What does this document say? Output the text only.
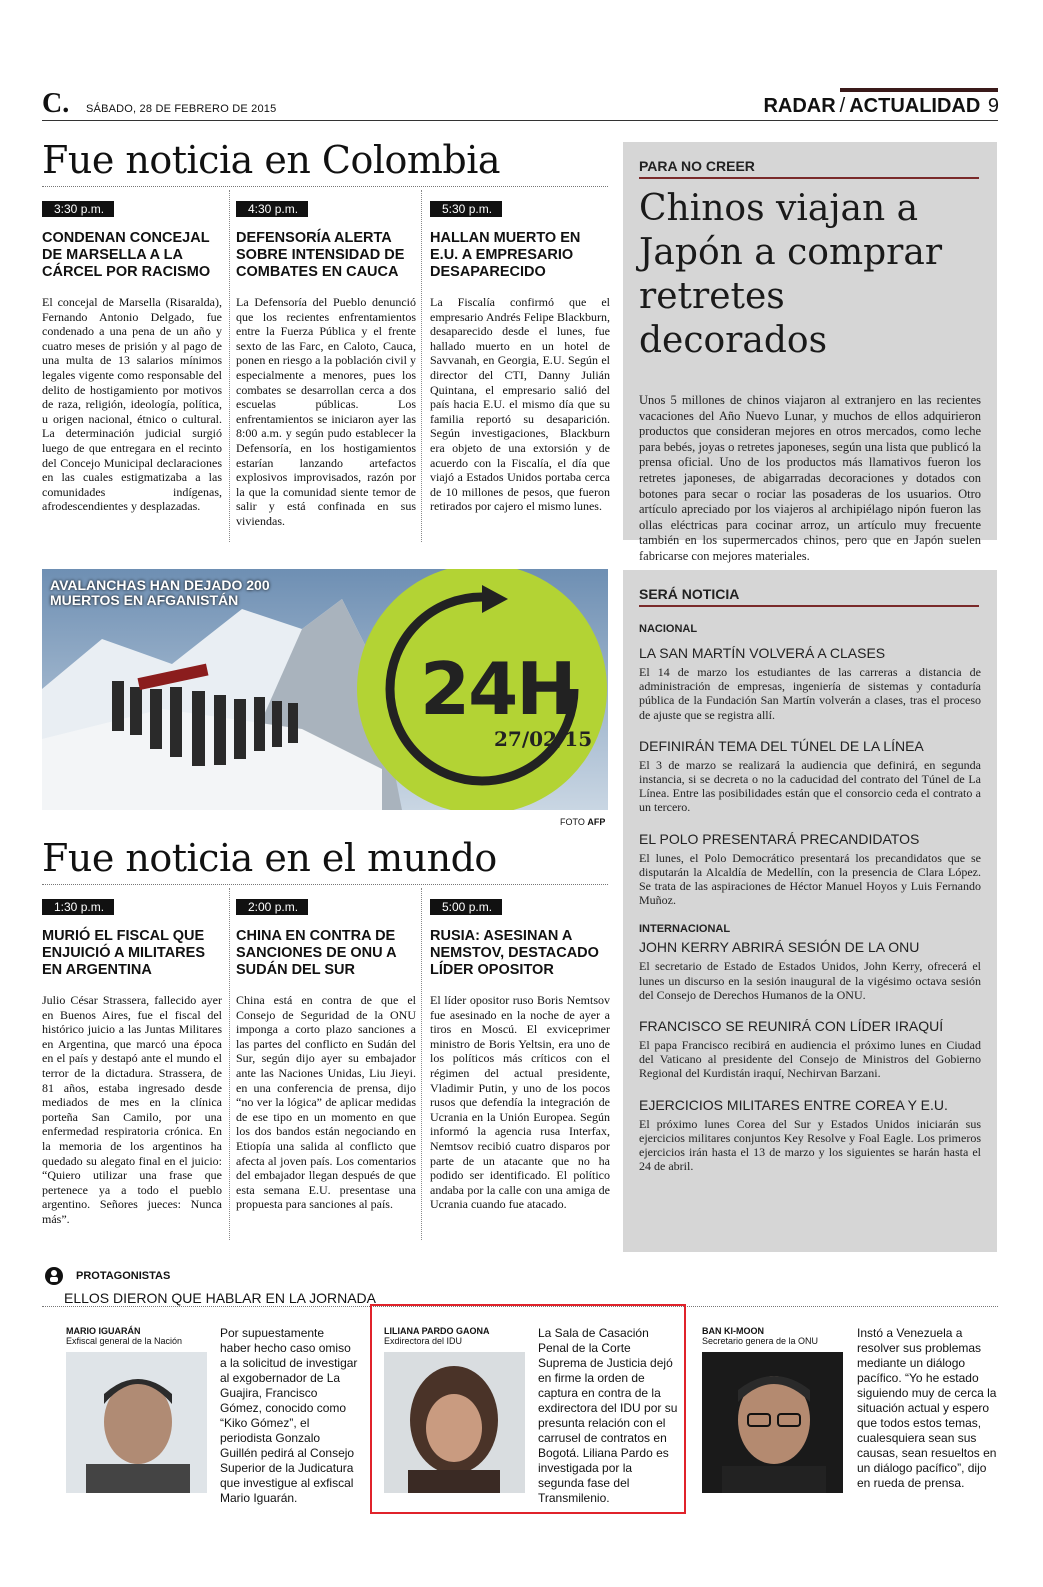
C. SÁBADO, 28 DE FEBRERO DE 2015	RADAR / ACTUALIDAD 9
Fue noticia en Colombia
3:30 p.m.
CONDENAN CONCEJAL DE MARSELLA A LA CÁRCEL POR RACISMO
El concejal de Marsella (Risaralda), Fernando Antonio Delgado, fue condenado a una pena de un año y cuatro meses de prisión y al pago de una multa de 13 salarios mínimos legales vigente como responsable del delito de hostigamiento por motivos de raza, religión, ideología, política, u origen nacional, étnico o cultural. La determinación judicial surgió luego de que entregara en el recinto del Concejo Municipal declaraciones en las cuales estigmatizaba a las comunidades indígenas, afrodescendientes y desplazadas.
4:30 p.m.
DEFENSORÍA ALERTA SOBRE INTENSIDAD DE COMBATES EN CAUCA
La Defensoría del Pueblo denunció que los recientes enfrentamientos entre la Fuerza Pública y el frente sexto de las Farc, en Caloto, Cauca, ponen en riesgo a la población civil y especialmente a menores, pues los combates se desarrollan cerca a dos escuelas públicas. Los enfrentamientos se iniciaron ayer las 8:00 a.m. y según pudo establecer la Defensoría, en los hostigamientos estarían lanzando artefactos explosivos improvisados, razón por la que la comunidad siente temor de salir y está confinada en sus viviendas.
5:30 p.m.
HALLAN MUERTO EN E.U. A EMPRESARIO DESAPARECIDO
La Fiscalía confirmó que el empresario Andrés Felipe Blackburn, desaparecido desde el lunes, fue hallado muerto en un hotel de Savvanah, en Georgia, E.U. Según el director del CTI, Danny Julián Quintana, el empresario salió del país hacia E.U. el mismo día que su familia reportó su desaparición. Según investigaciones, Blackburn era objeto de una extorsión y de acuerdo con la Fiscalía, el día que viajó a Estados Unidos portaba cerca de 10 millones de pesos, que fueron retirados por cajero el mismo lunes.
PARA NO CREER
Chinos viajan a Japón a comprar retretes decorados
Unos 5 millones de chinos viajaron al extranjero en las recientes vacaciones del Año Nuevo Lunar, y muchos de ellos adquirieron productos que consideran mejores en otros mercados, como leche para bebés, joyas o retretes japoneses, según una lista que publicó la prensa oficial. Uno de los productos más llamativos fueron los retretes japoneses, de abigarradas decoraciones y dotados con botones para secar o rociar las posaderas de los usuarios. Otro artículo apreciado por los viajeros al archipiélago nipón fueron las ollas eléctricas para cocinar arroz, un artículo muy frecuente también en los supermercados chinos, pero que en Japón suelen fabricarse con mejores materiales.
24H
27/02/15
AVALANCHAS HAN DEJADO 200 MUERTOS EN AFGANISTÁN
FOTO AFP
SERÁ NOTICIA
NACIONAL
LA SAN MARTÍN VOLVERÁ A CLASES
El 14 de marzo los estudiantes de las carreras a distancia de administración de empresas, ingeniería de sistemas y contaduría pública de la Fundación San Martín volverán a clases, tras el proceso de ajuste que se registra allí.
DEFINIRÁN TEMA DEL TÚNEL DE LA LÍNEA
El 3 de marzo se realizará la audiencia que definirá, en segunda instancia, si se decreta o no la caducidad del contrato del Túnel de La Línea. Entre las posibilidades están que el consorcio ceda el contrato a un tercero.
EL POLO PRESENTARÁ PRECANDIDATOS
El lunes, el Polo Democrático presentará los precandidatos que se disputarán la Alcaldía de Medellín, con la presencia de Clara López. Se trata de las aspiraciones de Héctor Manuel Hoyos y Luis Fernando Muñoz.
INTERNACIONAL
JOHN KERRY ABRIRÁ SESIÓN DE LA ONU
El secretario de Estado de Estados Unidos, John Kerry, ofrecerá el lunes un discurso en la sesión inaugural de la vigésimo octava sesión del Consejo de Derechos Humanos de la ONU.
FRANCISCO SE REUNIRÁ CON LÍDER IRAQUÍ
El papa Francisco recibirá en audiencia el próximo lunes en Ciudad del Vaticano al presidente del Consejo de Ministros del Gobierno Regional del Kurdistán iraquí, Nechirvan Barzani.
EJERCICIOS MILITARES ENTRE COREA Y E.U.
El próximo lunes Corea del Sur y Estados Unidos iniciarán sus ejercicios militares conjuntos Key Resolve y Foal Eagle. Los primeros ejercicios irán hasta el 13 de marzo y los siguientes se harán hasta el 24 de abril.
Fue noticia en el mundo
1:30 p.m.
MURIÓ EL FISCAL QUE ENJUICIÓ A MILITARES EN ARGENTINA
Julio César Strassera, fallecido ayer en Buenos Aires, fue el fiscal del histórico juicio a las Juntas Militares en Argentina, que marcó una época en el país y destapó ante el mundo el terror de la dictadura. Strassera, de 81 años, estaba ingresado desde mediados de mes en la clínica porteña San Camilo, por una enfermedad respiratoria crónica. En la memoria de los argentinos ha quedado su alegato final en el juicio: “Quiero utilizar una frase que pertenece ya a todo el pueblo argentino. Señores jueces: Nunca más”.
2:00 p.m.
CHINA EN CONTRA DE SANCIONES DE ONU A SUDÁN DEL SUR
China está en contra de que el Consejo de Seguridad de la ONU imponga a corto plazo sanciones a las partes del conflicto en Sudán del Sur, según dijo ayer su embajador ante las Naciones Unidas, Liu Jieyi. en una conferencia de prensa, dijo “no ver la lógica” de aplicar medidas de ese tipo en un momento en que los dos bandos están negociando en Etiopía una salida al conflicto que afecta al joven país. Los comentarios del embajador llegan después de que esta semana E.U. presentase una propuesta para sanciones al país.
5:00 p.m.
RUSIA: ASESINAN A NEMSTOV, DESTACADO LÍDER OPOSITOR
El líder opositor ruso Boris Nemtsov fue asesinado en la noche de ayer a tiros en Moscú. El exviceprimer ministro de Boris Yeltsin, era uno de los políticos más críticos con el régimen del actual presidente, Vladimir Putin, y uno de los pocos rusos que defendía la integración de Ucrania en la Unión Europea. Según informó la agencia rusa Interfax, Nemtsov recibió cuatro disparos por parte de un atacante que no ha podido ser identificado. El político andaba por la calle con una amiga de Ucrania cuando fue atacado.
PROTAGONISTAS
ELLOS DIERON QUE HABLAR EN LA JORNADA
MARIO IGUARÁN
Exfiscal general de la Nación
Por supuestamente haber hecho caso omiso a la solicitud de investigar al exgobernador de La Guajira, Francisco Gómez, conocido como “Kiko Gómez”, el periodista Gonzalo Guillén pedirá al Consejo Superior de la Judicatura que investigue al exfiscal Mario Iguarán.
LILIANA PARDO GAONA
Exdirectora del IDU
La Sala de Casación Penal de la Corte Suprema de Justicia dejó en firme la orden de captura en contra de la exdirectora del IDU por su presunta relación con el carrusel de contratos en Bogotá. Liliana Pardo es investigada por la segunda fase del Transmilenio.
BAN KI-MOON
Secretario genera de la ONU
Instó a Venezuela a resolver sus problemas mediante un diálogo pacífico. “Yo he estado siguiendo muy de cerca la situación actual y espero que todos estos temas, cualesquiera sean sus causas, sean resueltos en un diálogo pacífico”, dijo en rueda de prensa.
